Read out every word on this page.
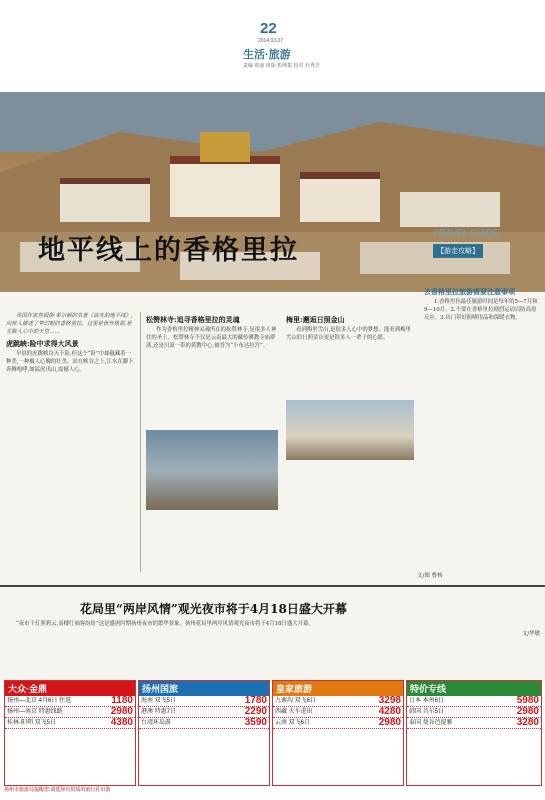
22
2014.03.07
生活·旅游
责编 蔡丽 组版 机缚集 校对 杜秀芳
地平线上的香格里拉
TRAVEL GUIDE
【游走攻略】

英国作家詹姆斯·希尔顿的名著《消失的地平线》,向世人描述了梦幻般的香格里拉。这里是世外桃源,是无数人心中的天堂……

虎跳峡:险中求得大风景

早晨的虎跳峡谷天下险,但这个“险”中却蕴藏着一种美,一种摄人心魄的壮美。站在峡谷之上,江水在脚下奔腾咆哮,如猛虎出山,震撼人心。

松赞林寺:追寻香格里拉的灵魂

作为香格里拉精神灵魂所在的松赞林寺,是很多人神往的圣土。松赞林寺不仅是云南最大的藏传佛教寺庙群落,还是川滇一带的黄教中心,被誉为“小布达拉宫”。

梅里:邂逅日照金山

看到梅里雪山,是很多人心中的梦想。能看到梅里雪山的日照金山更是很多人一辈子的心愿。

去香格里拉旅游需要注意事项

1.香格里拉最佳旅游时间是每年的5—7月和9—10月。2.不要在香格里拉剧烈运动以防高原反应。3.出门带好防晒用品和保暖衣物。

文/图 曹杨
花局里“两岸风情”观光夜市将于4月18日盛大开幕

“夜市千灯照碧云,高楼红袖客纷纷”这是盛唐时期扬州夜市的繁华景象。扬州花局里两岸风情观光夜市将于4月18日盛大开幕。

文/华敏

大众·金鼎
扬州—北京 4月6日 往返	1180
扬州—南京 特惠线路	2980
桂林·阳朔 双飞5日	4380
扬州国旅
海南 双飞5日	1780
港澳 特惠7日	2290
台湾环岛游	3590
皇家旅游
九寨沟 双飞6日	3298
西藏 火车进出	4280
云南 双飞6日	2980
特价专线
日本 本州6日	5980
韩国 首尔5日	2980
泰国 曼谷芭提雅	3280
扬州市旅游局提醒您:请选择有资质的旅行社出游
